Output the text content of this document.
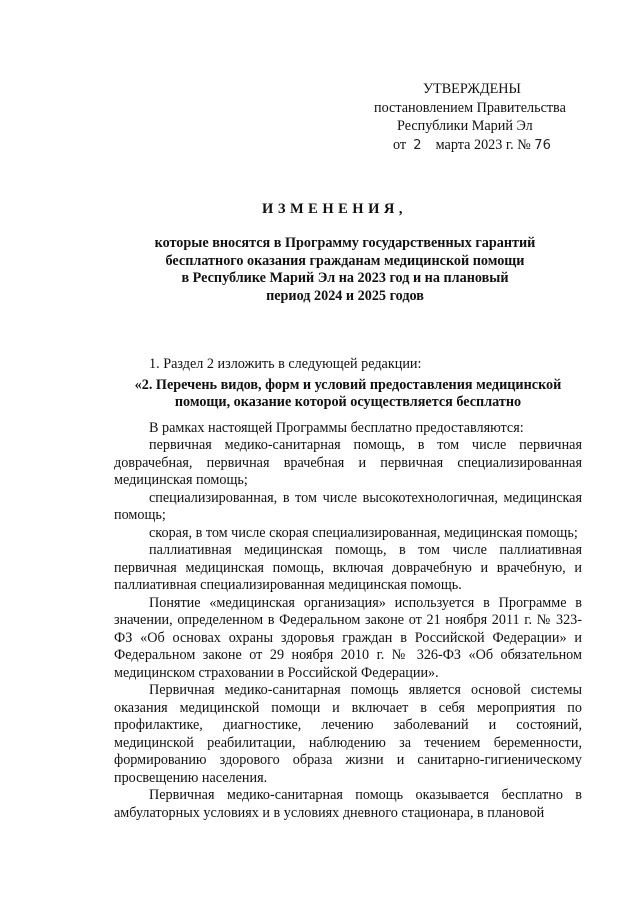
УТВЕРЖДЕНЫ
постановлением Правительства
Республики Марий Эл
от 2 марта 2023 г. № 76
ИЗМЕНЕНИЯ,
которые вносятся в Программу государственных гарантий
бесплатного оказания гражданам медицинской помощи
в Республике Марий Эл на 2023 год и на плановый
период 2024 и 2025 годов
1. Раздел 2 изложить в следующей редакции:
«2. Перечень видов, форм и условий предоставления медицинской
помощи, оказание которой осуществляется бесплатно
В рамках настоящей Программы бесплатно предоставляются:
первичная медико-санитарная помощь, в том числе первичная доврачебная, первичная врачебная и первичная специализированная медицинская помощь;
специализированная, в том числе высокотехнологичная, медицинская помощь;
скорая, в том числе скорая специализированная, медицинская помощь;
паллиативная медицинская помощь, в том числе паллиативная первичная медицинская помощь, включая доврачебную и врачебную, и паллиативная специализированная медицинская помощь.
Понятие «медицинская организация» используется в Программе в значении, определенном в Федеральном законе от 21 ноября 2011 г. № 323-ФЗ «Об основах охраны здоровья граждан в Российской Федерации» и Федеральном законе от 29 ноября 2010 г. № 326-ФЗ «Об обязательном медицинском страховании в Российской Федерации».
Первичная медико-санитарная помощь является основой системы оказания медицинской помощи и включает в себя мероприятия по профилактике, диагностике, лечению заболеваний и состояний, медицинской реабилитации, наблюдению за течением беременности, формированию здорового образа жизни и санитарно-гигиеническому просвещению населения.
Первичная медико-санитарная помощь оказывается бесплатно в амбулаторных условиях и в условиях дневного стационара, в плановой
